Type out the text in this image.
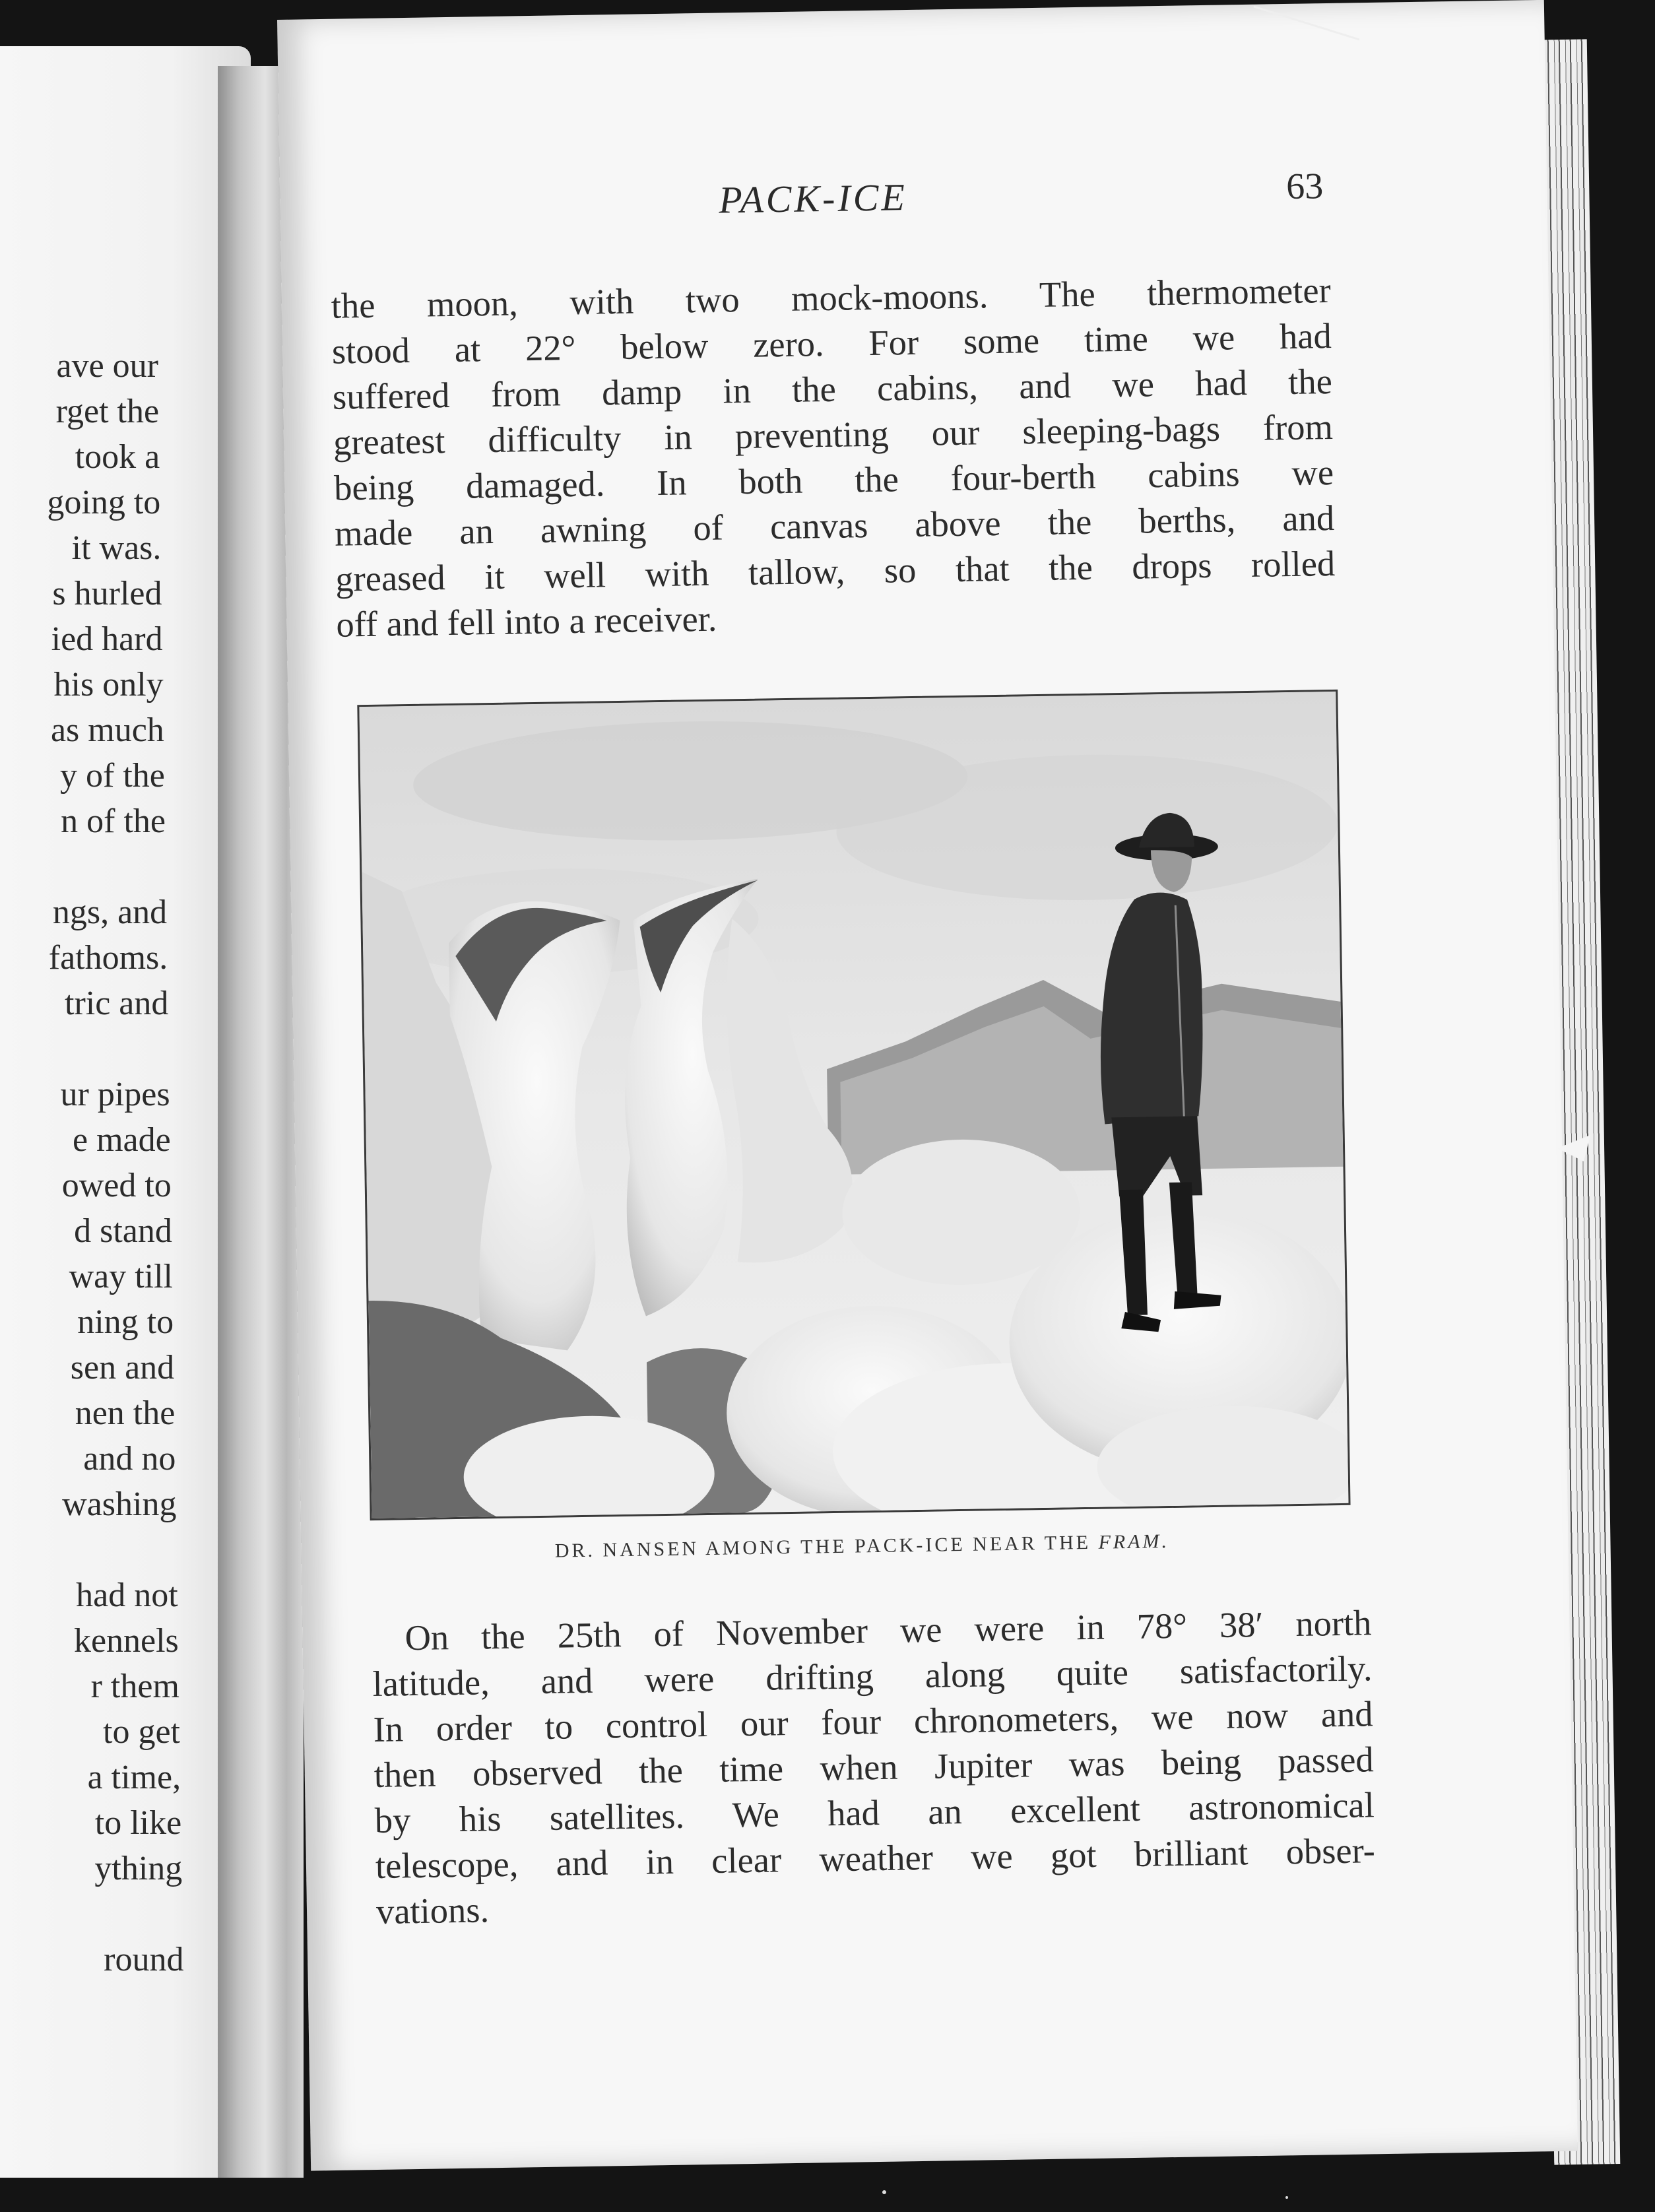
ave our
rget the
took a
going to
it was.
s hurled
ied hard
his only
as much
y of the
n of the
ngs, and
fathoms.
tric and
ur pipes
e made
owed to
d stand
way till
ning to
sen and
nen the
and no
washing
had not
kennels
r them
to get
a time,
to like
ything
round
PACK-ICE	63
the moon, with two mock-moons. The thermometer
stood at 22° below zero. For some time we had
suffered from damp in the cabins, and we had the
greatest difficulty in preventing our sleeping-bags from
being damaged. In both the four-berth cabins we
made an awning of canvas above the berths, and
greased it well with tallow, so that the drops rolled
off and fell into a receiver.
DR. NANSEN AMONG THE PACK-ICE NEAR THE FRAM.
On the 25th of November we were in 78° 38′ north
latitude, and were drifting along quite satisfactorily.
In order to control our four chronometers, we now and
then observed the time when Jupiter was being passed
by his satellites. We had an excellent astronomical
telescope, and in clear weather we got brilliant obser-
vations.
